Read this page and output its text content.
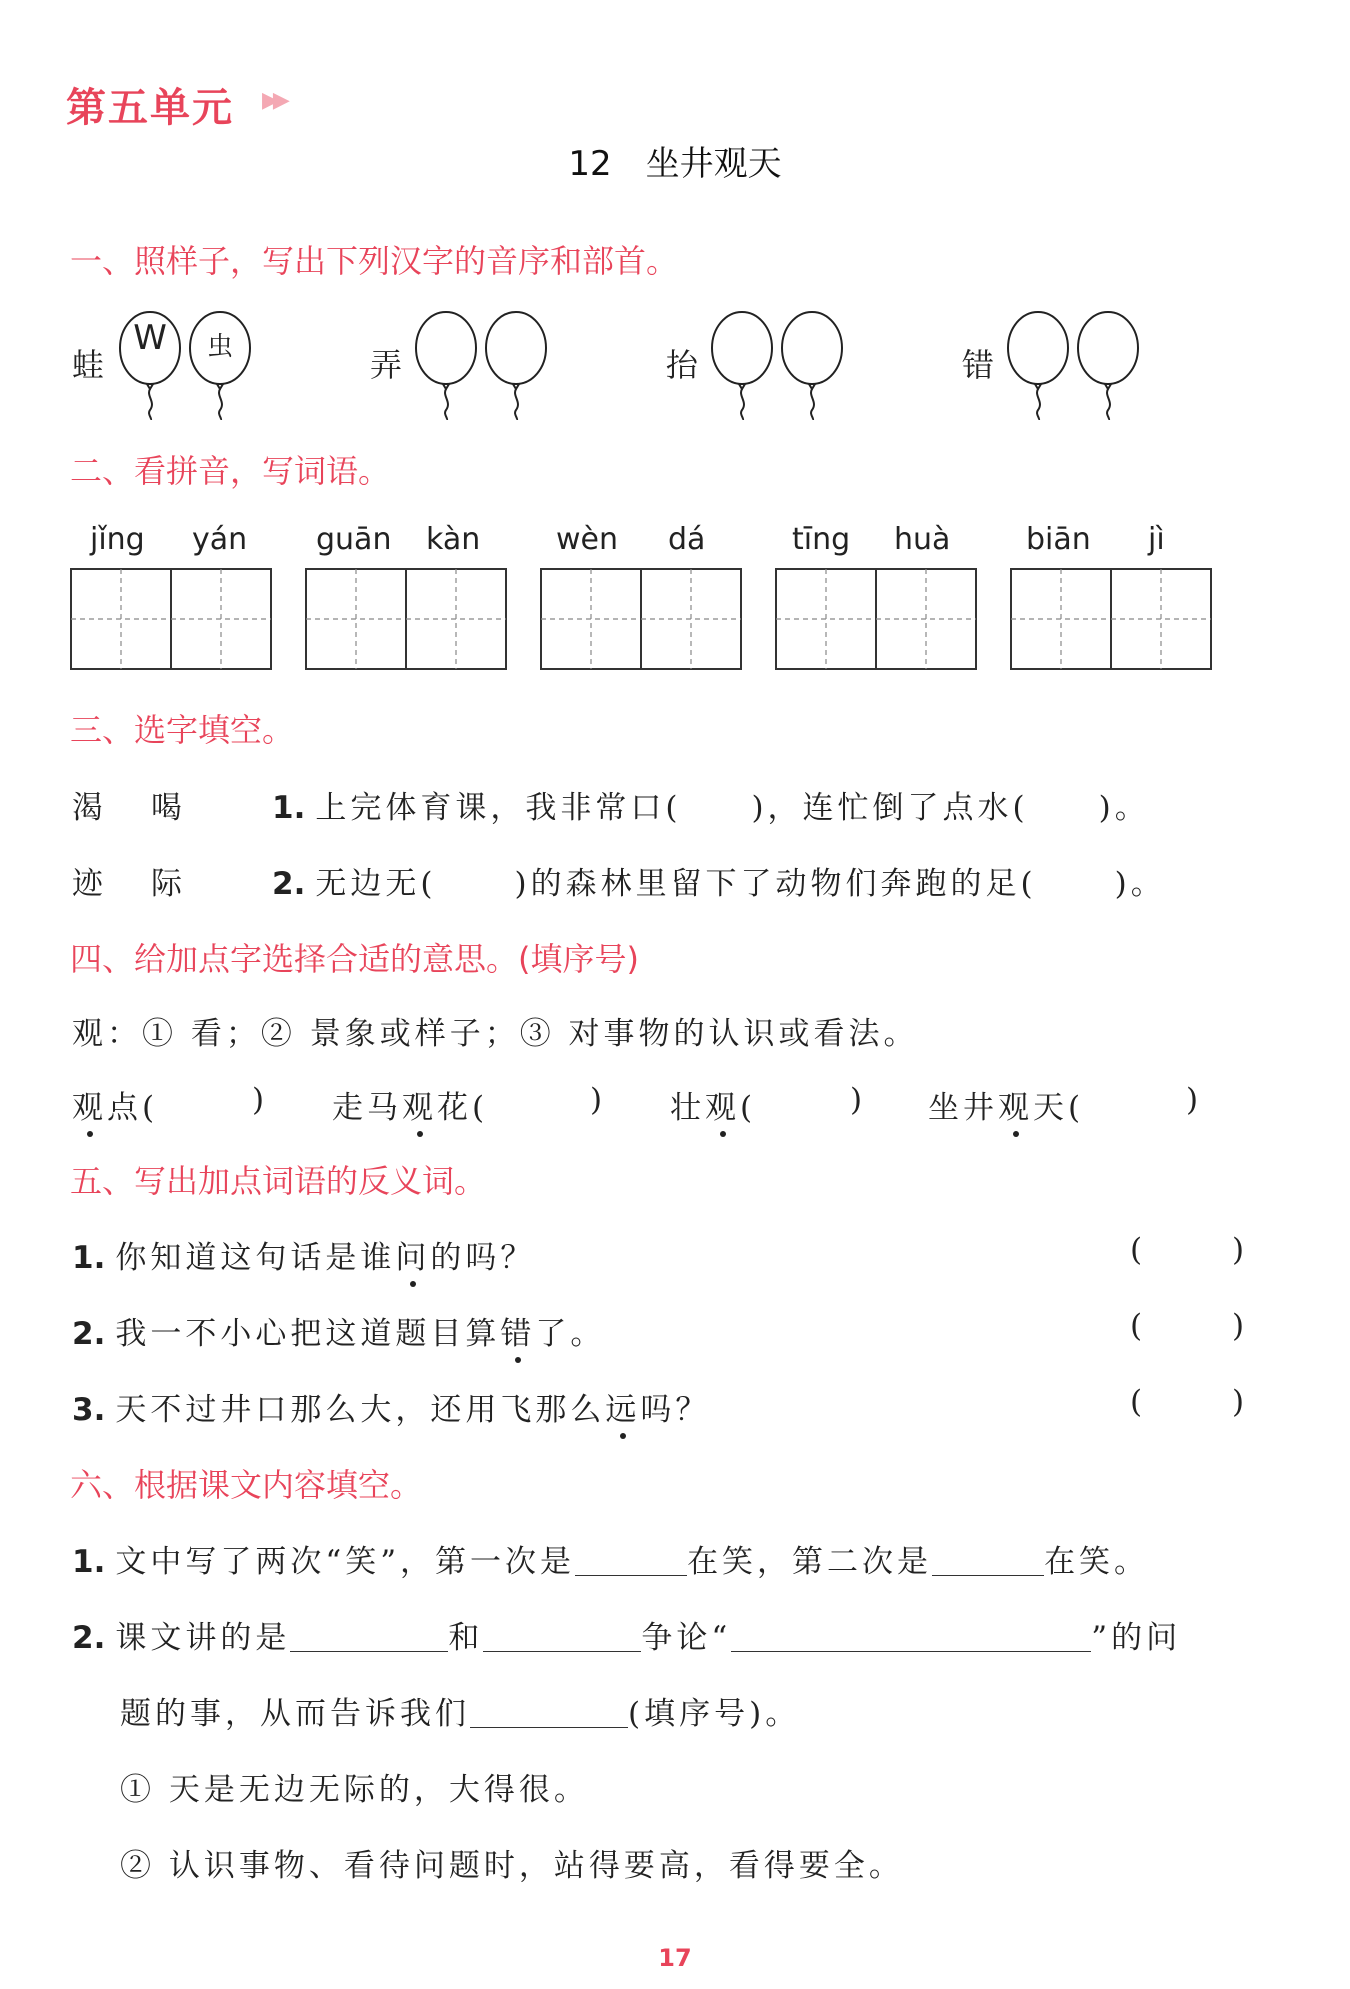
第五单元 ▶▶
12 坐井观天
一、照样子，写出下列汉字的音序和部首。
蛙	弄	抬	错
W	虫
二、看拼音，写词语。
jǐng yán guān kàn	wèn dá	tīng huà	biān jì
三、选字填空。
渴 喝	1. 上完体育课，我非常口( )，连忙倒了点水( )。
迹 际	2. 无边无(	)的森林里留下了动物们奔跑的足(	)。
四、给加点字选择合适的意思。(填序号)
观：① 看；② 景象或样子；③ 对事物的认识或看法。
观点(	) 走马观花(	) 壮观(	) 坐井观天(	)
五、写出加点词语的反义词。
1. 你知道这句话是谁问的吗？	(	)
2. 我一不小心把这道题目算错了。	(	)
3. 天不过井口那么大，还用飞那么远吗？	(	)
六、根据课文内容填空。
1. 文中写了两次“笑”，第一次是	在笑，第二次是	在笑。
2. 课文讲的是	和	争论“	”的问
题的事，从而告诉我们	(填序号)。
① 天是无边无际的，大得很。
② 认识事物、看待问题时，站得要高，看得要全。
17
